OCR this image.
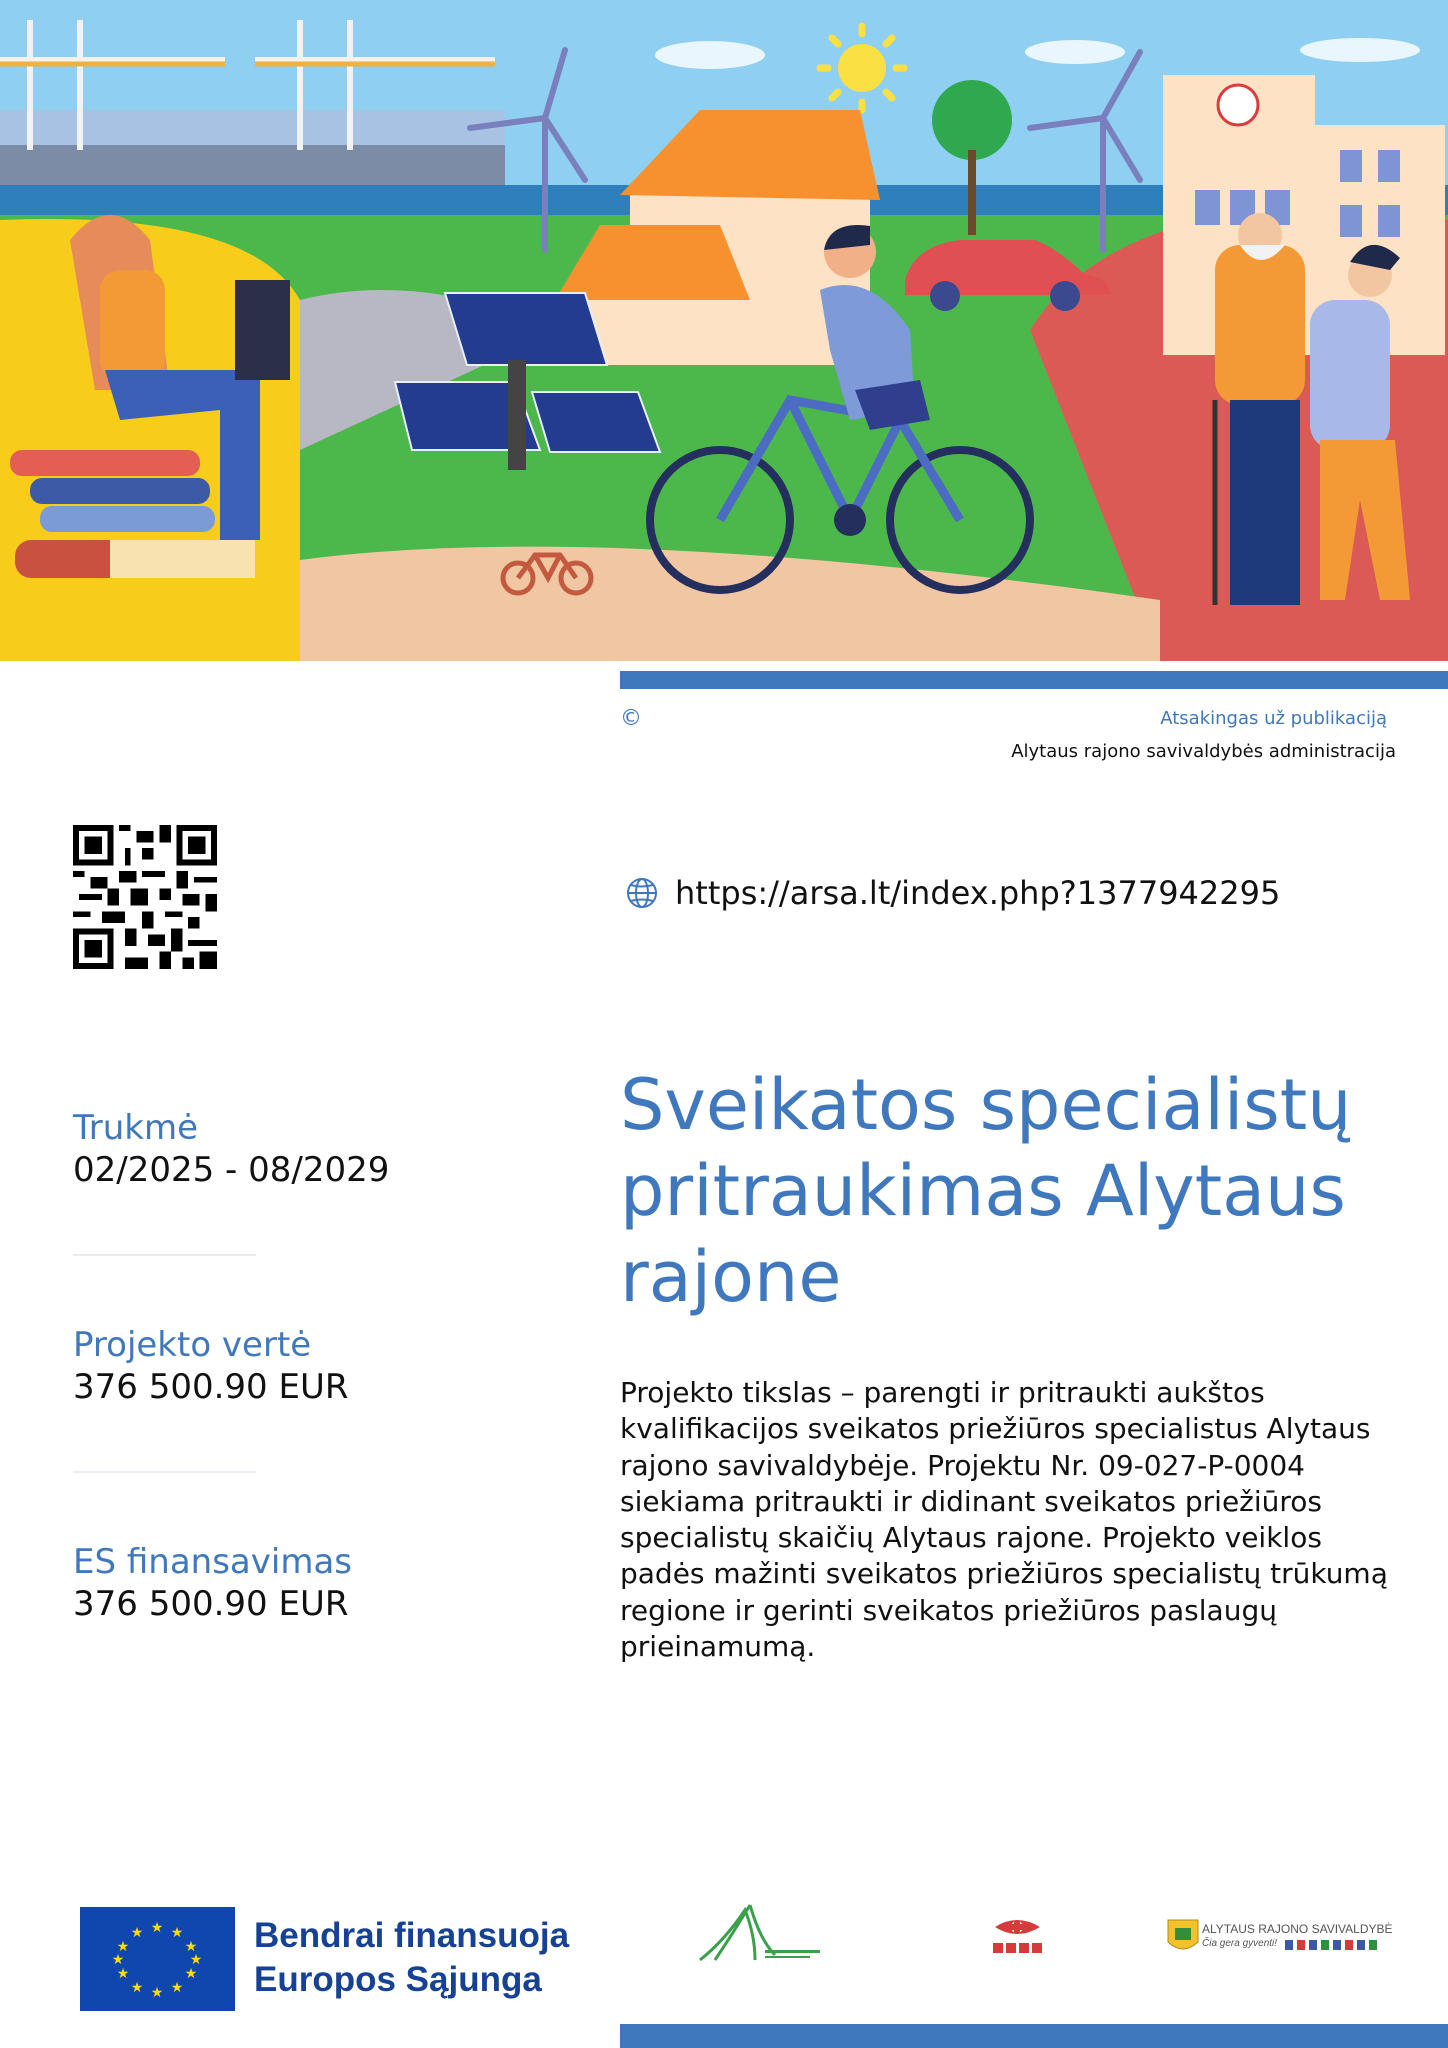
©	Atsakingas už publikaciją
Alytaus rajono savivaldybės administracija
https://arsa.lt/index.php?1377942295
Trukmė
02/2025 - 08/2029
Projekto vertė
376 500.90 EUR
ES finansavimas
376 500.90 EUR
Sveikatos specialistų pritraukimas Alytaus rajone
Projekto tikslas – parengti ir pritraukti aukštos kvalifikacijos sveikatos priežiūros specialistus Alytaus rajono savivaldybėje. Projektu Nr. 09-027-P-0004 siekiama pritraukti ir didinant sveikatos priežiūros specialistų skaičių Alytaus rajone. Projekto veiklos padės mažinti sveikatos priežiūros specialistų trūkumą regione ir gerinti sveikatos priežiūros paslaugų prieinamumą.
★ ★
★
★
★
★
★
★
★
★
★
★	Bendrai finansuoja
Europos Sąjunga
ALYTAUS RAJONO SAVIVALDYBĖ
Čia gera gyventi!
